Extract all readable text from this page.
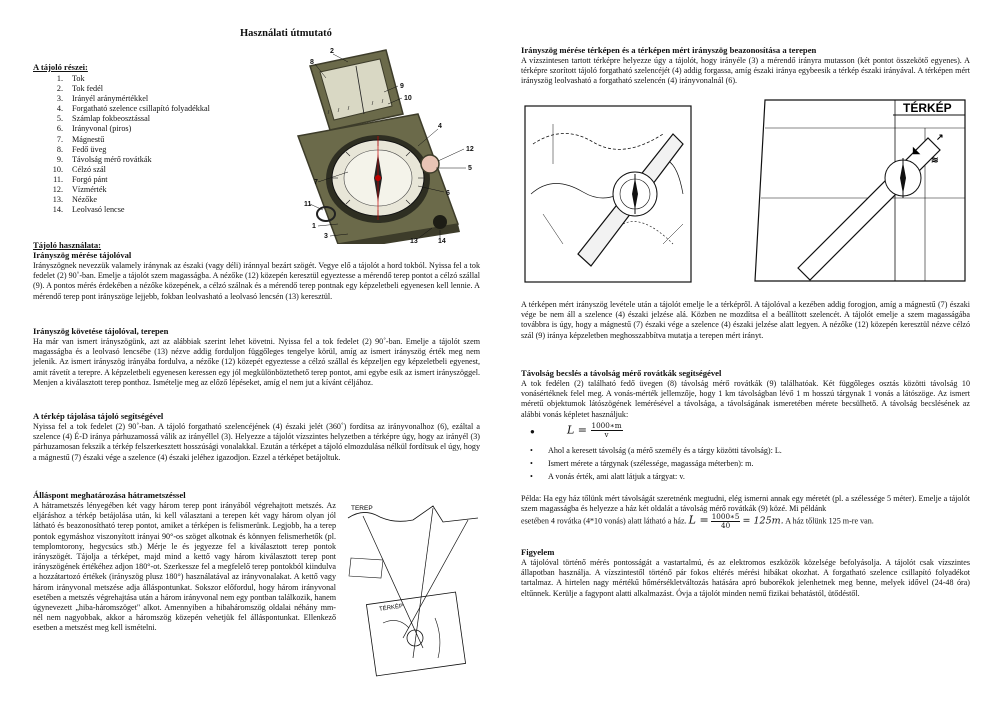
Használati útmutató
A tájoló részei:
1. Tok
2. Tok fedél
3. Irányél aránymértékkel
4. Forgatható szelence csillapító folyadékkal
5. Számlap fokbeosztással
6. Irányvonal (piros)
7. Mágnestű
8. Fedő üveg
9. Távolság mérő rovátkák
10. Célzó szál
11. Forgó pánt
12. Vízmérték
13. Nézőke
14. Leolvasó lencse
2
8
9
10
4
12
5
6
7
11
1
3
13	14
Tájoló használata:
Irányszög mérése tájolóval

Irányszögnek nevezzük valamely iránynak az északi (vagy déli) iránnyal bezárt szögét. Vegye elő a tájolót a hord tokból. Nyissa fel a tok fedelet (2) 90˚-ban. Emelje a tájolót szem magasságba. A nézőke (12) közepén keresztül egyeztesse a mérendő terep pontot a célzó szállal (9). A pontos mérés érdekében a nézőke közepének, a célzó szálnak és a mérendő terep pontnak egy képzeletbeli egyenesen kell lennie. A mérendő terep pont irányszöge lejjebb, fokban leolvasható a leolvasó lencsén (13) keresztül.

Irányszög követése tájolóval, terepen

Ha már van ismert irányszögünk, azt az alábbiak szerint lehet követni. Nyissa fel a tok fedelet (2) 90˚-ban. Emelje a tájolót szem magasságba és a leolvasó lencsébe (13) nézve addig forduljon függőleges tengelye körül, amíg az ismert irányszög érték meg nem jelenik. Az ismert irányszög irányába fordulva, a nézőke (12) közepét egyeztesse a célzó szállal és képzeljen egy képzeletbeli egyenest, amit rávetít a terepre. A képzeletbeli egyenesen keressen egy jól megkülönböztethető terep pontot, ami egybe esik az ismert irányszöggel. Menjen a kiválasztott terep ponthoz. Ismételje meg az előző lépéseket, amíg el nem jut a kívánt céljához.

A térkép tájolása tájoló segítségével

Nyissa fel a tok fedelet (2) 90˚-ban. A tájoló forgatható szelencéjének (4) északi jelét (360˚) fordítsa az irányvonalhoz (6), ezáltal a szelence (4) É-D iránya párhuzamossá válik az irányéllel (3). Helyezze a tájolót vízszintes helyzetben a térképre úgy, hogy az irányél (3) párhuzamosan fekszik a térkép felszerkesztett hosszúsági vonalakkal. Ezután a térképet a tájoló elmozdulása nélkül fordítsuk el úgy, hogy a mágnestű (7) északi vége a szelence (4) északi jeléhez igazodjon. Ezzel a térképet betájoltuk.

Álláspont meghatározása hátrametszéssel

A hátrametszés lényegében két vagy három terep pont irányából végrehajtott metszés. Az eljáráshoz a térkép betájolása után, ki kell választani a terepen két vagy három olyan jól látható és beazonosítható terep pontot, amiket a térképen is felismerünk. Legjobb, ha a terep pontok egymáshoz viszonyított irányai 90°-os szöget alkotnak és könnyen felismerhetők (pl. templomtorony, hegycsúcs stb.) Mérje le és jegyezze fel a kiválasztott terep pontok irányszögét. Tájolja a térképet, majd mind a kettő vagy három kiválasztott terep pont irányszögének értékéhez adjon 180°-ot. Szerkessze fel a megfelelő terep pontokból kiindulva a hozzátartozó értékek (irányszög plusz 180°) használatával az irányvonalakat. A kettő vagy három irányvonal metszése adja álláspontunkat. Sokszor előfordul, hogy három irányvonal esetében a metszés végrehajtása után a három irányvonal nem egy pontban találkozik, hanem úgynevezett „hiba-háromszöget" alkot. Amennyiben a hibaháromszög oldalai néhány mm-nél nem nagyobbak, akkor a háromszög közepén vehetjük fel álláspontunkat. Ellenkező esetben a metszést meg kell ismételni.

TEREP
TÉRKÉP
Irányszög mérése térképen és a térképen mért irányszög beazonosítása a terepen

A vízszintesen tartott térképre helyezze úgy a tájolót, hogy irányéle (3) a mérendő irányra mutasson (két pontot összekötő egyenes). A térképre szorított tájoló forgatható szelencéjét (4) addig forgassa, amíg északi iránya egybeesik a térkép északi irányával. A térképen mért irányszög leolvasható a forgatható szelencén (4) irányvonalnál (6).

TÉRKÉP
↗
◣
≋

A térképen mért irányszög levétele után a tájolót emelje le a térképről. A tájolóval a kezében addig forogjon, amíg a mágnestű (7) északi vége be nem áll a szelence (4) északi jelzése alá. Közben ne mozdítsa el a beállított szelencét. A tájolót emelje a szem magasságába továbbra is úgy, hogy a mágnestű (7) északi vége a szelence (4) északi jelzése alatt legyen. A nézőke (12) közepén keresztül nézve célzó szál (9) iránya képzeletben meghosszabbítva mutatja a terepen mért irányt.

Távolság becslés a távolság mérő rovátkák segítségével

A tok fedélen (2) található fedő üvegen (8) távolság mérő rovátkák (9) találhatóak. Két függőleges osztás közötti távolság 10 vonásértéknek felel meg. A vonás-mérték jellemzője, hogy 1 km távolságban lévő 1 m hosszú tárgynak 1 vonás a látószöge. Az ismert méretű objektumok látószögének lemérésével a távolsága, a távolságának ismeretében mérete becsülhető. A távolság becslésének az alábbi vonás képletet használjuk:

●	$L = \frac{1000∗m}{v}$
• Ahol a keresett távolság (a mérő személy és a tárgy közötti távolság): L.
• Ismert mérete a tárgynak (szélessége, magassága méterben): m.
• A vonás érték, ami alatt látjuk a tárgyat: v.

Példa: Ha egy ház tőlünk mért távolságát szeretnénk megtudni, elég ismerni annak egy méretét (pl. a szélessége 5 méter). Emelje a tájolót szem magasságba és helyezze a ház két oldalát a távolság mérő rovátkák (9) közé. Mi példánk

esetében 4 rovátka (4*10 vonás) alatt látható a ház. $L = \frac{1000∗5}{40} = 125m$. A ház tőlünk 125 m-re van.
Figyelem

A tájolóval történő mérés pontosságát a vastartalmú, és az elektromos eszközök közelsége befolyásolja. A tájolót csak vízszintes állapotban használja. A vízszintestől történő pár fokos eltérés mérési hibákat okozhat. A forgatható szelence csillapító folyadékot tartalmaz. A hirtelen nagy mértékű hőmérsékletváltozás hatására apró buborékok jelenhetnek meg benne, melyek idővel (24-48 óra) eltűnnek. Kerülje a fagypont alatti alkalmazást. Óvja a tájolót minden nemű fizikai behatástól, ütődéstől.
